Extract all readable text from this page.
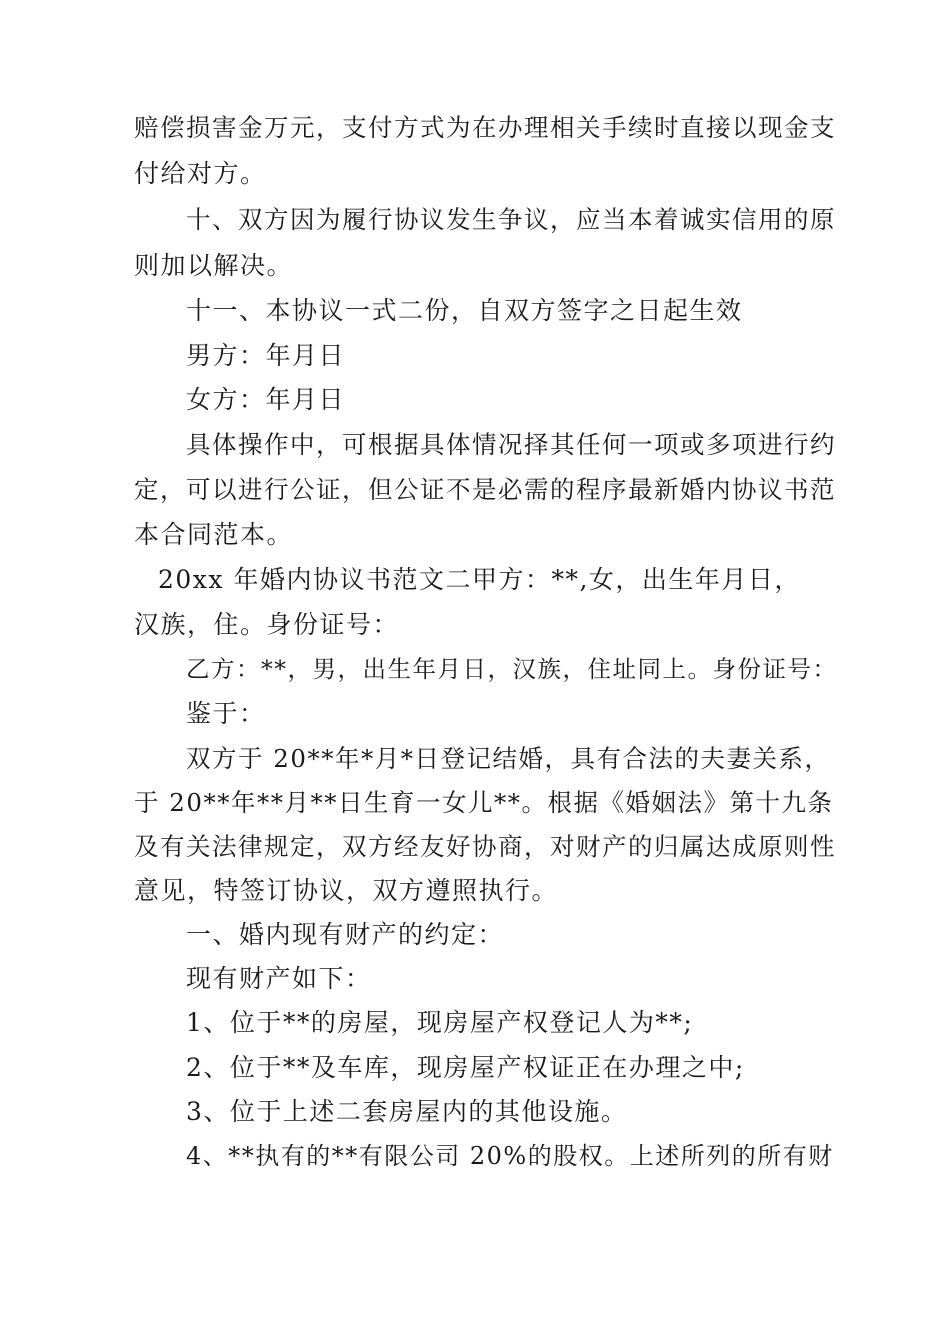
赔偿损害金万元，支付方式为在办理相关手续时直接以现金支
付给对方。
十、双方因为履行协议发生争议，应当本着诚实信用的原
则加以解决。
十一、本协议一式二份，自双方签字之日起生效
男方：年月日
女方：年月日
具体操作中，可根据具体情况择其任何一项或多项进行约
定，可以进行公证，但公证不是必需的程序最新婚内协议书范
本合同范本。
20xx 年婚内协议书范文二甲方：**,女，出生年月日，
汉族，住。身份证号：
乙方：**，男，出生年月日，汉族，住址同上。身份证号：
鉴于：
双方于 20**年*月*日登记结婚，具有合法的夫妻关系，
于 20**年**月**日生育一女儿**。根据《婚姻法》第十九条
及有关法律规定，双方经友好协商，对财产的归属达成原则性
意见，特签订协议，双方遵照执行。
一、婚内现有财产的约定：
现有财产如下：
1、位于**的房屋，现房屋产权登记人为**;
2、位于**及车库，现房屋产权证正在办理之中;
3、位于上述二套房屋内的其他设施。
4、**执有的**有限公司 20%的股权。上述所列的所有财
